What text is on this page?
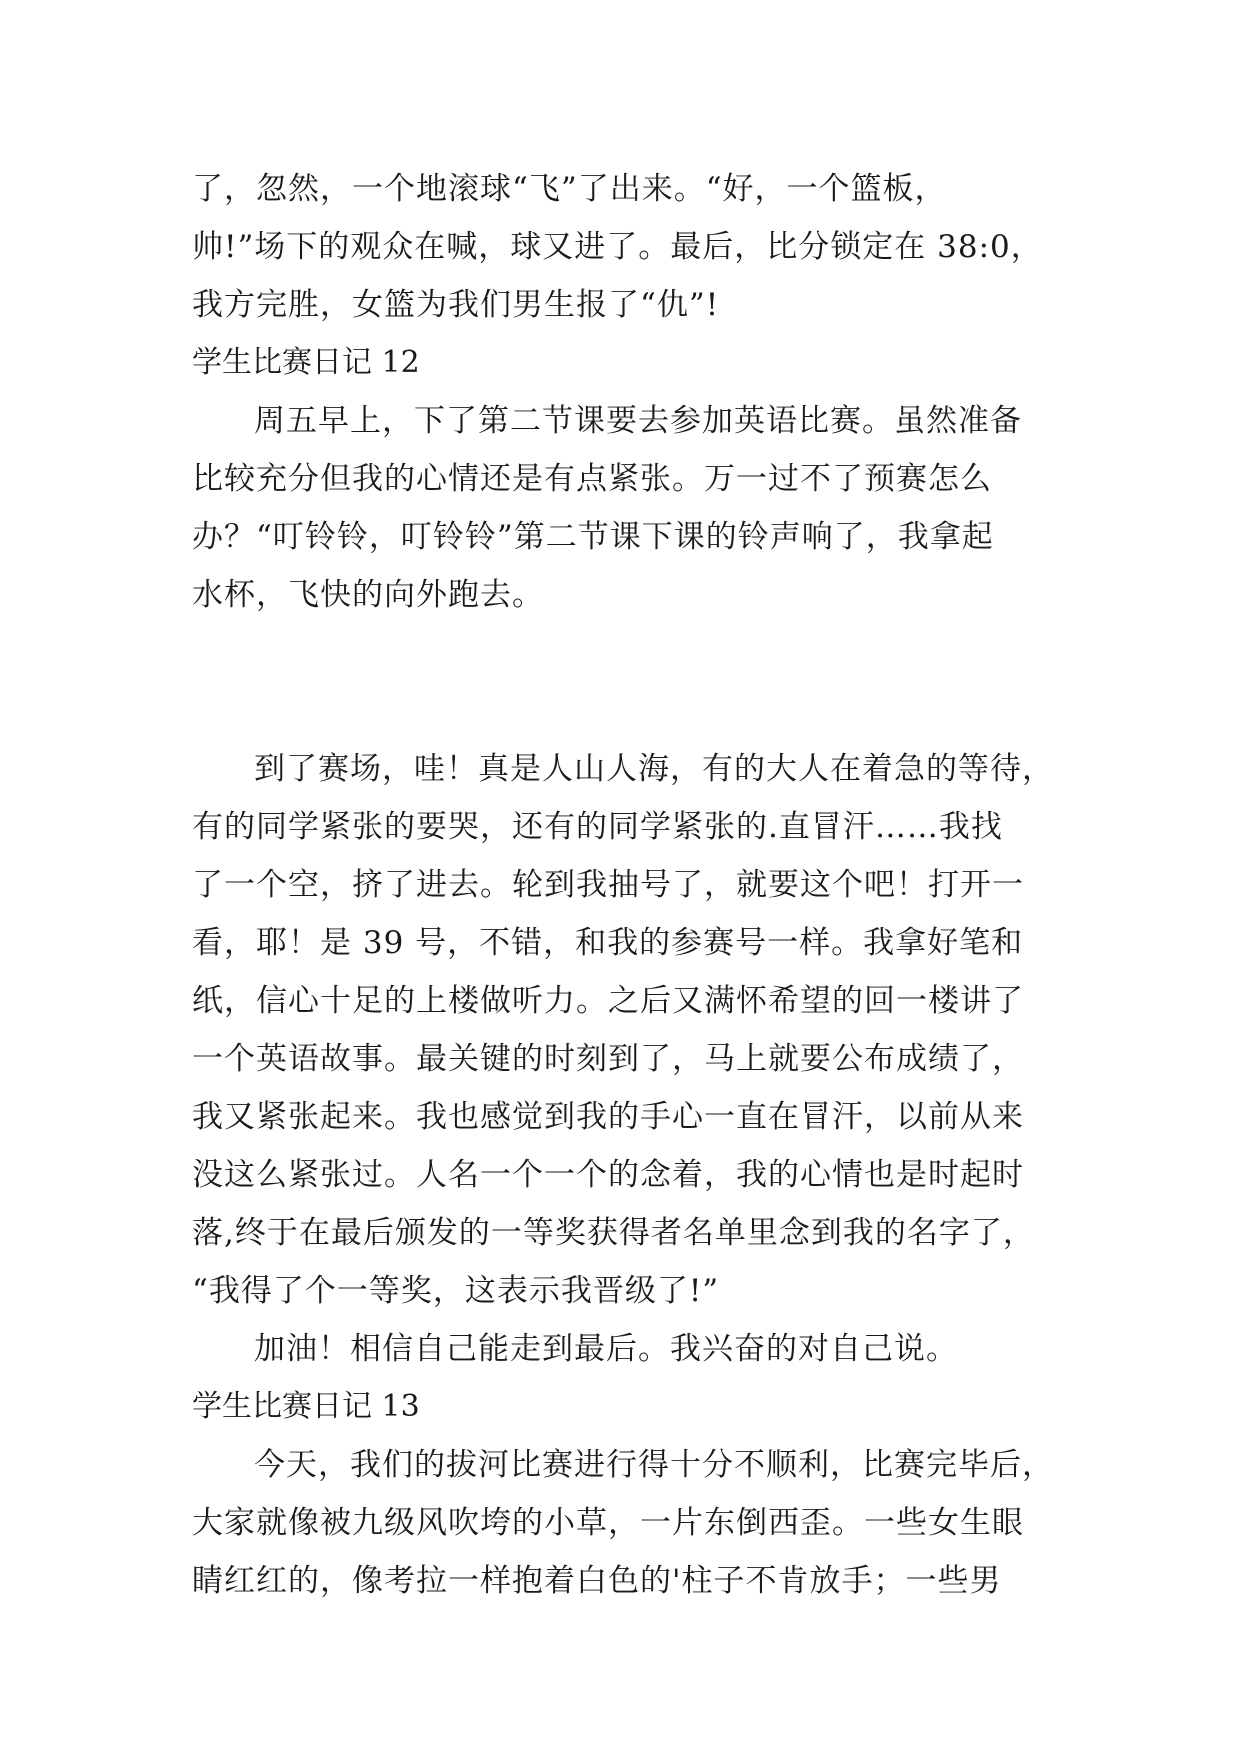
了，忽然，一个地滚球“飞”了出来。“好，一个篮板，
帅!”场下的观众在喊，球又进了。最后，比分锁定在 38:0，
我方完胜，女篮为我们男生报了“仇”!
学生比赛日记 12
周五早上，下了第二节课要去参加英语比赛。虽然准备
比较充分但我的心情还是有点紧张。万一过不了预赛怎么
办？“叮铃铃，叮铃铃”第二节课下课的铃声响了，我拿起
水杯，飞快的向外跑去。
到了赛场，哇！真是人山人海，有的大人在着急的等待，
有的同学紧张的要哭，还有的同学紧张的.直冒汗……我找
了一个空，挤了进去。轮到我抽号了，就要这个吧！打开一
看，耶！是 39 号，不错，和我的参赛号一样。我拿好笔和
纸，信心十足的上楼做听力。之后又满怀希望的回一楼讲了
一个英语故事。最关键的时刻到了，马上就要公布成绩了，
我又紧张起来。我也感觉到我的手心一直在冒汗，以前从来
没这么紧张过。人名一个一个的念着，我的心情也是时起时
落,终于在最后颁发的一等奖获得者名单里念到我的名字了，
“我得了个一等奖，这表示我晋级了!”
加油！相信自己能走到最后。我兴奋的对自己说。
学生比赛日记 13
今天，我们的拔河比赛进行得十分不顺利，比赛完毕后，
大家就像被九级风吹垮的小草，一片东倒西歪。一些女生眼
睛红红的，像考拉一样抱着白色的'柱子不肯放手；一些男
